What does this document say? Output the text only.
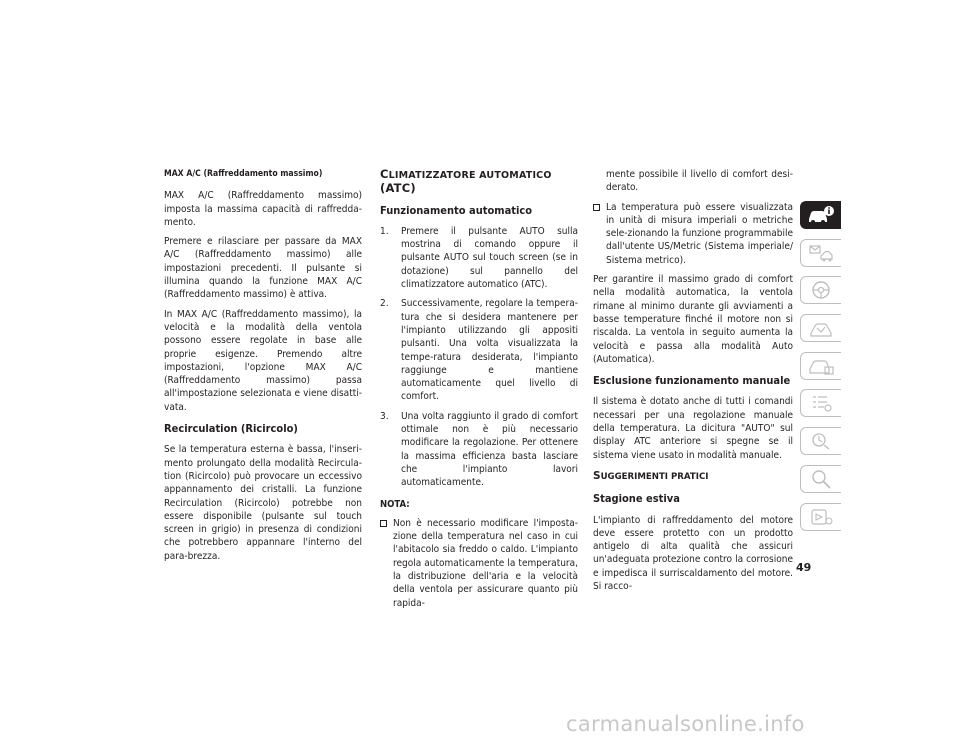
MAX A/C (Raffreddamento massimo)

MAX A/C (Raffreddamento massimo) imposta la massima capacità di raffredda-mento.

Premere e rilasciare per passare da MAX A/C (Raffreddamento massimo) alle impostazioni precedenti. Il pulsante si illumina quando la funzione MAX A/C (Raffreddamento massimo) è attiva.

In MAX A/C (Raffreddamento massimo), la velocità e la modalità della ventola possono essere regolate in base alle proprie esigenze. Premendo altre impostazioni, l'opzione MAX A/C (Raffreddamento massimo) passa all'impostazione selezionata e viene disatti-vata.

Recirculation (Ricircolo)

Se la temperatura esterna è bassa, l'inseri-mento prolungato della modalità Recircula-tion (Ricircolo) può provocare un eccessivo appannamento dei cristalli. La funzione Recirculation (Ricircolo) potrebbe non essere disponibile (pulsante sul touch screen in grigio) in presenza di condizioni che potrebbero appannare l'interno del para-brezza.

CLIMATIZZATORE AUTOMATICO (ATC)
Funzionamento automatico
1. Premere il pulsante AUTO sulla mostrina di comando oppure il pulsante AUTO sul touch screen (se in dotazione) sul pannello del climatizzatore automatico (ATC).
2. Successivamente, regolare la tempera-tura che si desidera mantenere per l'impianto utilizzando gli appositi pulsanti. Una volta visualizzata la tempe-ratura desiderata, l'impianto raggiunge e mantiene automaticamente quel livello di comfort.
3. Una volta raggiunto il grado di comfort ottimale non è più necessario modificare la regolazione. Per ottenere la massima efficienza basta lasciare che l'impianto lavori automaticamente.
NOTA:
Non è necessario modificare l'imposta-zione della temperatura nel caso in cui l'abitacolo sia freddo o caldo. L'impianto regola automaticamente la temperatura, la distribuzione dell'aria e la velocità della ventola per assicurare quanto più rapida-

mente possibile il livello di comfort desi-derato.

La temperatura può essere visualizzata in unità di misura imperiali o metriche sele-zionando la funzione programmabile dall'utente US/Metric (Sistema imperiale/ Sistema metrico).

Per garantire il massimo grado di comfort nella modalità automatica, la ventola rimane al minimo durante gli avviamenti a basse temperature finché il motore non si riscalda. La ventola in seguito aumenta la velocità e passa alla modalità Auto (Automatica).

Esclusione funzionamento manuale

Il sistema è dotato anche di tutti i comandi necessari per una regolazione manuale della temperatura. La dicitura "AUTO" sul display ATC anteriore si spegne se il sistema viene usato in modalità manuale.

SUGGERIMENTI PRATICI
Stagione estiva

L'impianto di raffreddamento del motore deve essere protetto con un prodotto antigelo di alta qualità che assicuri un'adeguata protezione contro la corrosione e impedisca il surriscaldamento del motore. Si racco-

49
carmanualsonline.info
